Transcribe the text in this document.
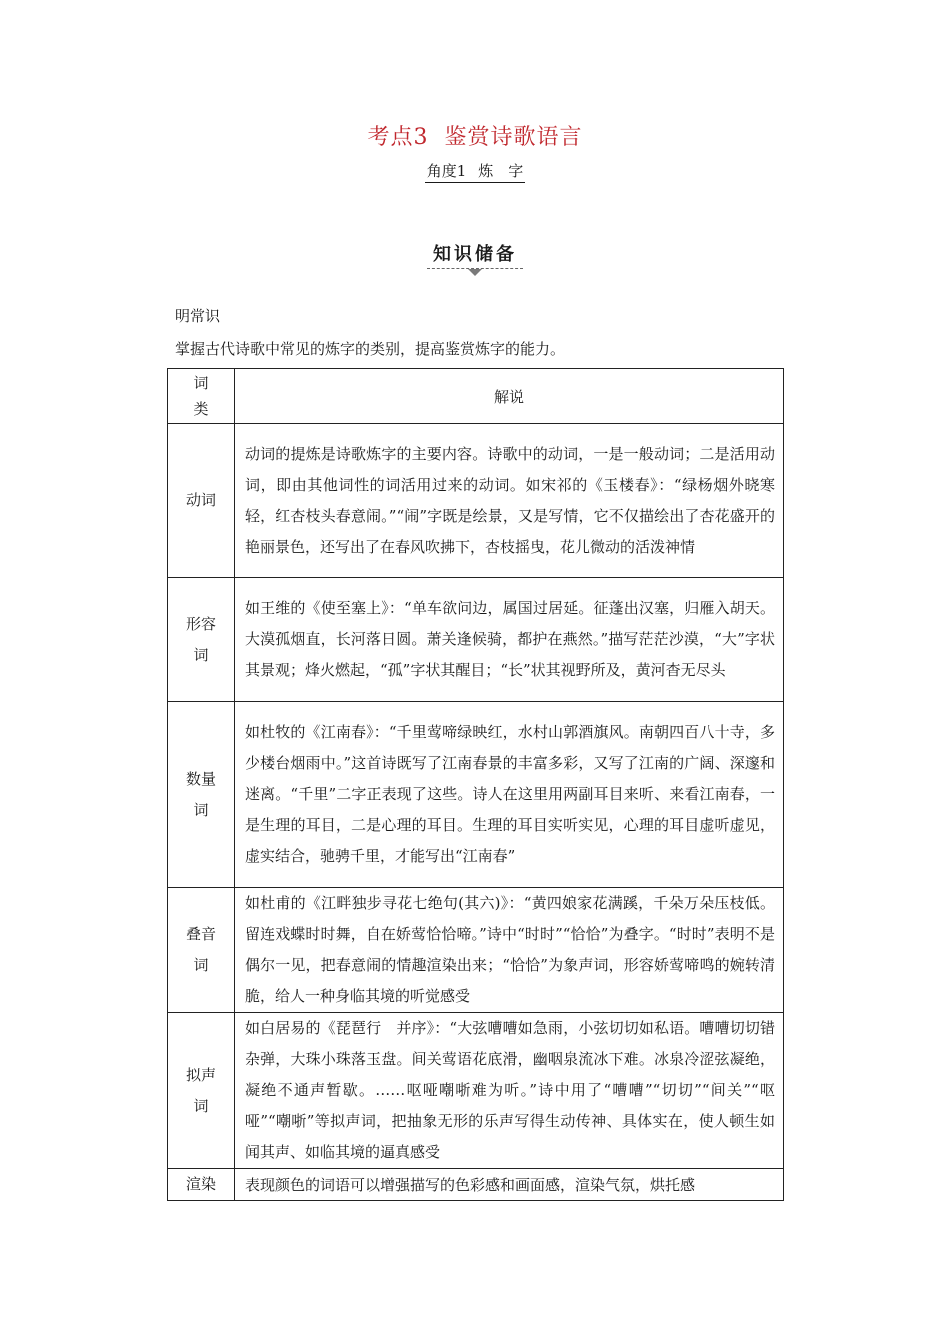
考点3 鉴赏诗歌语言
角度1 炼　字
知识储备
明常识
掌握古代诗歌中常见的炼字的类别，提高鉴赏炼字的能力。
词类	解说
动词	动词的提炼是诗歌炼字的主要内容。诗歌中的动词，一是一般动词；二是活用动词，即由其他词性的词活用过来的动词。如宋祁的《玉楼春》：“绿杨烟外晓寒轻，红杏枝头春意闹。”“闹”字既是绘景，又是写情，它不仅描绘出了杏花盛开的艳丽景色，还写出了在春风吹拂下，杏枝摇曳，花儿微动的活泼神情
形容词	如王维的《使至塞上》：“单车欲问边，属国过居延。征蓬出汉塞，归雁入胡天。大漠孤烟直，长河落日圆。萧关逢候骑，都护在燕然。”描写茫茫沙漠，“大”字状其景观；烽火燃起，“孤”字状其醒目；“长”状其视野所及，黄河杳无尽头
数量词	如杜牧的《江南春》：“千里莺啼绿映红，水村山郭酒旗风。南朝四百八十寺，多少楼台烟雨中。”这首诗既写了江南春景的丰富多彩，又写了江南的广阔、深邃和迷离。“千里”二字正表现了这些。诗人在这里用两副耳目来听、来看江南春，一是生理的耳目，二是心理的耳目。生理的耳目实听实见，心理的耳目虚听虚见，虚实结合，驰骋千里，才能写出“江南春”
叠音词	如杜甫的《江畔独步寻花七绝句(其六)》：“黄四娘家花满蹊，千朵万朵压枝低。留连戏蝶时时舞，自在娇莺恰恰啼。”诗中“时时”“恰恰”为叠字。“时时”表明不是偶尔一见，把春意闹的情趣渲染出来；“恰恰”为象声词，形容娇莺啼鸣的婉转清脆，给人一种身临其境的听觉感受
拟声词	如白居易的《琵琶行　并序》：“大弦嘈嘈如急雨，小弦切切如私语。嘈嘈切切错杂弹，大珠小珠落玉盘。间关莺语花底滑，幽咽泉流冰下难。冰泉冷涩弦凝绝，凝绝不通声暂歇。……呕哑嘲哳难为听。”诗中用了“嘈嘈”“切切”“间关”“呕哑”“嘲哳”等拟声词，把抽象无形的乐声写得生动传神、具体实在，使人顿生如闻其声、如临其境的逼真感受
渲染	表现颜色的词语可以增强描写的色彩感和画面感，渲染气氛，烘托感
